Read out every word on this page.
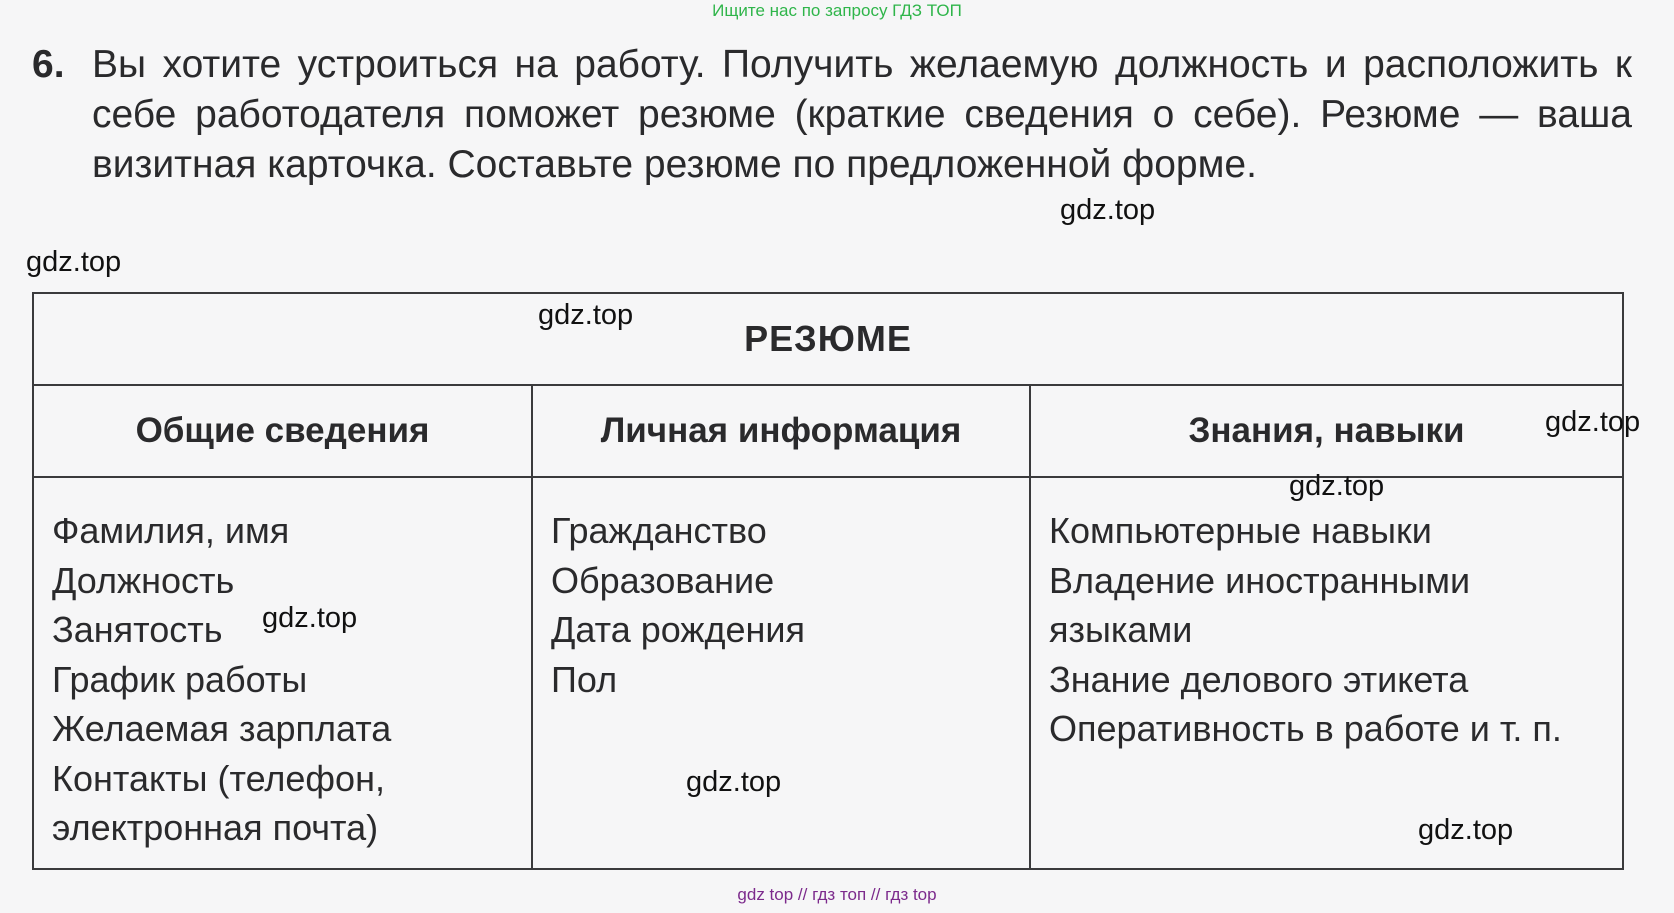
Ищите нас по запросу ГДЗ ТОП
6. Вы хотите устроиться на работу. Получить желаемую должность и расположить к себе работодателя поможет резюме (краткие сведения о себе). Резюме — ваша визитная карточка. Составьте резюме по предложенной форме.
РЕЗЮМЕ
Общие сведения
Фамилия, имя
Должность
Занятость
График работы
Желаемая зарплата
Контакты (телефон, электронная почта)
Личная информация
Гражданство
Образование
Дата рождения
Пол
Знания, навыки
Компьютерные навыки
Владение иностранными языками
Знание делового этикета
Оперативность в работе и т. п.
gdz.top
gdz.top
gdz.top
gdz.top
gdz.top
gdz.top
gdz.top
gdz.top
gdz top // гдз топ // гдз top
